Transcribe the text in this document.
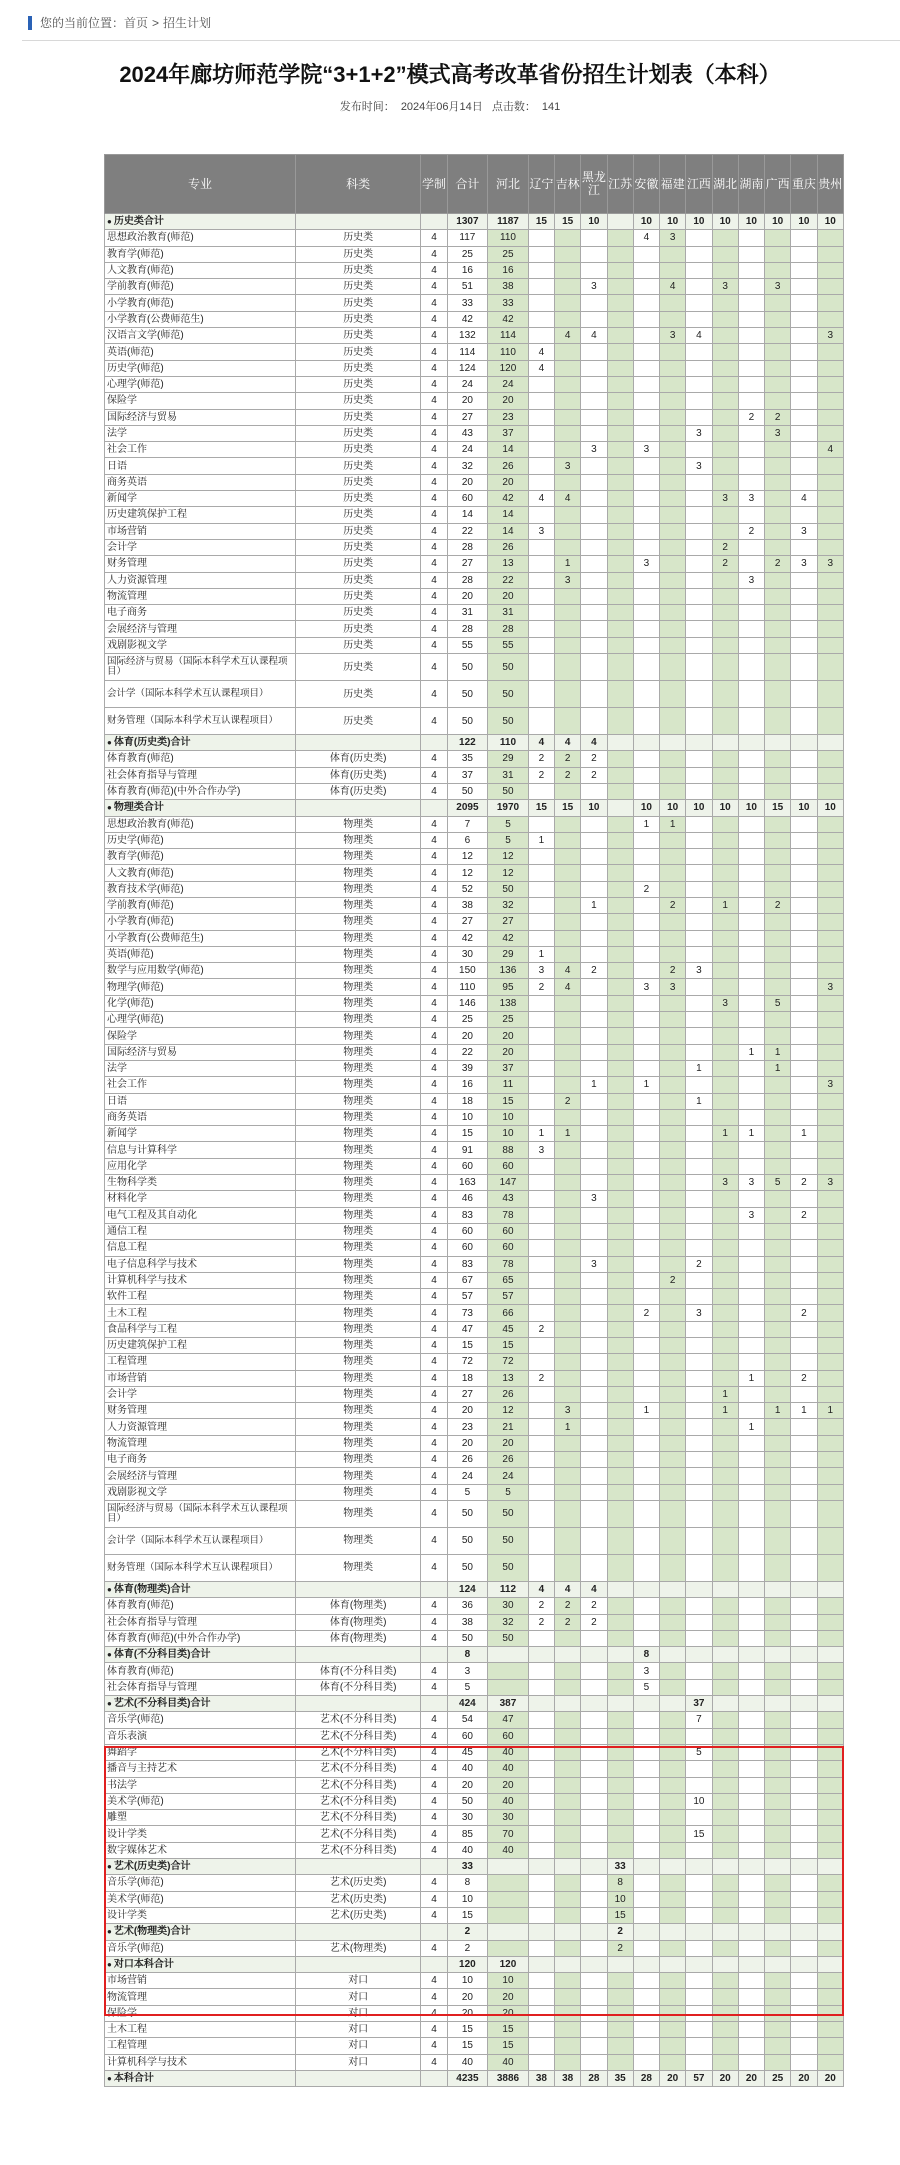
您的当前位置： 首页 > 招生计划
2024年廊坊师范学院“3+1+2”模式高考改革省份招生计划表（本科）
发布时间： 2024年06月14日 点击数： 141
专业	科类	学制	合计	河北	辽宁	吉林	黑龙江	江苏	安徽	福建	江西	湖北	湖南	广西	重庆	贵州
● 历史类合计			1307	1187	15	15	10		10	10	10	10	10	10	10	10
思想政治教育(师范)	历史类	4	117	110					4	3						
教育学(师范)	历史类	4	25	25												
人文教育(师范)	历史类	4	16	16												
学前教育(师范)	历史类	4	51	38			3			4		3		3		
小学教育(师范)	历史类	4	33	33												
小学教育(公费师范生)	历史类	4	42	42												
汉语言文学(师范)	历史类	4	132	114		4	4			3	4					3
英语(师范)	历史类	4	114	110	4											
历史学(师范)	历史类	4	124	120	4											
心理学(师范)	历史类	4	24	24												
保险学	历史类	4	20	20												
国际经济与贸易	历史类	4	27	23									2	2		
法学	历史类	4	43	37							3			3		
社会工作	历史类	4	24	14			3		3							4
日语	历史类	4	32	26		3					3					
商务英语	历史类	4	20	20												
新闻学	历史类	4	60	42	4	4						3	3		4	
历史建筑保护工程	历史类	4	14	14												
市场营销	历史类	4	22	14	3								2		3	
会计学	历史类	4	28	26								2				
财务管理	历史类	4	27	13		1			3			2		2	3	3
人力资源管理	历史类	4	28	22		3							3			
物流管理	历史类	4	20	20												
电子商务	历史类	4	31	31												
会展经济与管理	历史类	4	28	28												
戏剧影视文学	历史类	4	55	55												
国际经济与贸易（国际本科学术互认课程项目）	历史类	4	50	50												
会计学（国际本科学术互认课程项目）	历史类	4	50	50												
财务管理（国际本科学术互认课程项目）	历史类	4	50	50												
● 体育(历史类)合计			122	110	4	4	4									
体育教育(师范)	体育(历史类)	4	35	29	2	2	2									
社会体育指导与管理	体育(历史类)	4	37	31	2	2	2									
体育教育(师范)(中外合作办学)	体育(历史类)	4	50	50												
● 物理类合计			2095	1970	15	15	10		10	10	10	10	10	15	10	10
思想政治教育(师范)	物理类	4	7	5					1	1						
历史学(师范)	物理类	4	6	5	1											
教育学(师范)	物理类	4	12	12												
人文教育(师范)	物理类	4	12	12												
教育技术学(师范)	物理类	4	52	50					2							
学前教育(师范)	物理类	4	38	32			1			2		1		2		
小学教育(师范)	物理类	4	27	27												
小学教育(公费师范生)	物理类	4	42	42												
英语(师范)	物理类	4	30	29	1											
数学与应用数学(师范)	物理类	4	150	136	3	4	2			2	3					
物理学(师范)	物理类	4	110	95	2	4			3	3						3
化学(师范)	物理类	4	146	138								3		5		
心理学(师范)	物理类	4	25	25												
保险学	物理类	4	20	20												
国际经济与贸易	物理类	4	22	20									1	1		
法学	物理类	4	39	37							1			1		
社会工作	物理类	4	16	11			1		1							3
日语	物理类	4	18	15		2					1					
商务英语	物理类	4	10	10												
新闻学	物理类	4	15	10	1	1						1	1		1	
信息与计算科学	物理类	4	91	88	3											
应用化学	物理类	4	60	60												
生物科学类	物理类	4	163	147								3	3	5	2	3
材料化学	物理类	4	46	43			3									
电气工程及其自动化	物理类	4	83	78									3		2	
通信工程	物理类	4	60	60												
信息工程	物理类	4	60	60												
电子信息科学与技术	物理类	4	83	78			3				2					
计算机科学与技术	物理类	4	67	65						2						
软件工程	物理类	4	57	57												
土木工程	物理类	4	73	66					2		3				2	
食品科学与工程	物理类	4	47	45	2											
历史建筑保护工程	物理类	4	15	15												
工程管理	物理类	4	72	72												
市场营销	物理类	4	18	13	2								1		2	
会计学	物理类	4	27	26								1				
财务管理	物理类	4	20	12		3			1			1		1	1	1
人力资源管理	物理类	4	23	21		1							1			
物流管理	物理类	4	20	20												
电子商务	物理类	4	26	26												
会展经济与管理	物理类	4	24	24												
戏剧影视文学	物理类	4	5	5												
国际经济与贸易（国际本科学术互认课程项目）	物理类	4	50	50												
会计学（国际本科学术互认课程项目）	物理类	4	50	50												
财务管理（国际本科学术互认课程项目）	物理类	4	50	50												
● 体育(物理类)合计			124	112	4	4	4									
体育教育(师范)	体育(物理类)	4	36	30	2	2	2									
社会体育指导与管理	体育(物理类)	4	38	32	2	2	2									
体育教育(师范)(中外合作办学)	体育(物理类)	4	50	50												
● 体育(不分科目类)合计			8						8							
体育教育(师范)	体育(不分科目类)	4	3						3							
社会体育指导与管理	体育(不分科目类)	4	5						5							
● 艺术(不分科目类)合计			424	387							37					
音乐学(师范)	艺术(不分科目类)	4	54	47							7					
音乐表演	艺术(不分科目类)	4	60	60												
舞蹈学	艺术(不分科目类)	4	45	40							5					
播音与主持艺术	艺术(不分科目类)	4	40	40												
书法学	艺术(不分科目类)	4	20	20												
美术学(师范)	艺术(不分科目类)	4	50	40							10					
雕塑	艺术(不分科目类)	4	30	30												
设计学类	艺术(不分科目类)	4	85	70							15					
数字媒体艺术	艺术(不分科目类)	4	40	40												
● 艺术(历史类)合计			33					33								
音乐学(师范)	艺术(历史类)	4	8					8								
美术学(师范)	艺术(历史类)	4	10					10								
设计学类	艺术(历史类)	4	15					15								
● 艺术(物理类)合计			2					2								
音乐学(师范)	艺术(物理类)	4	2					2								
● 对口本科合计			120	120												
市场营销	对口	4	10	10												
物流管理	对口	4	20	20												
保险学	对口	4	20	20												
土木工程	对口	4	15	15												
工程管理	对口	4	15	15												
计算机科学与技术	对口	4	40	40												
● 本科合计			4235	3886	38	38	28	35	28	20	57	20	20	25	20	20
